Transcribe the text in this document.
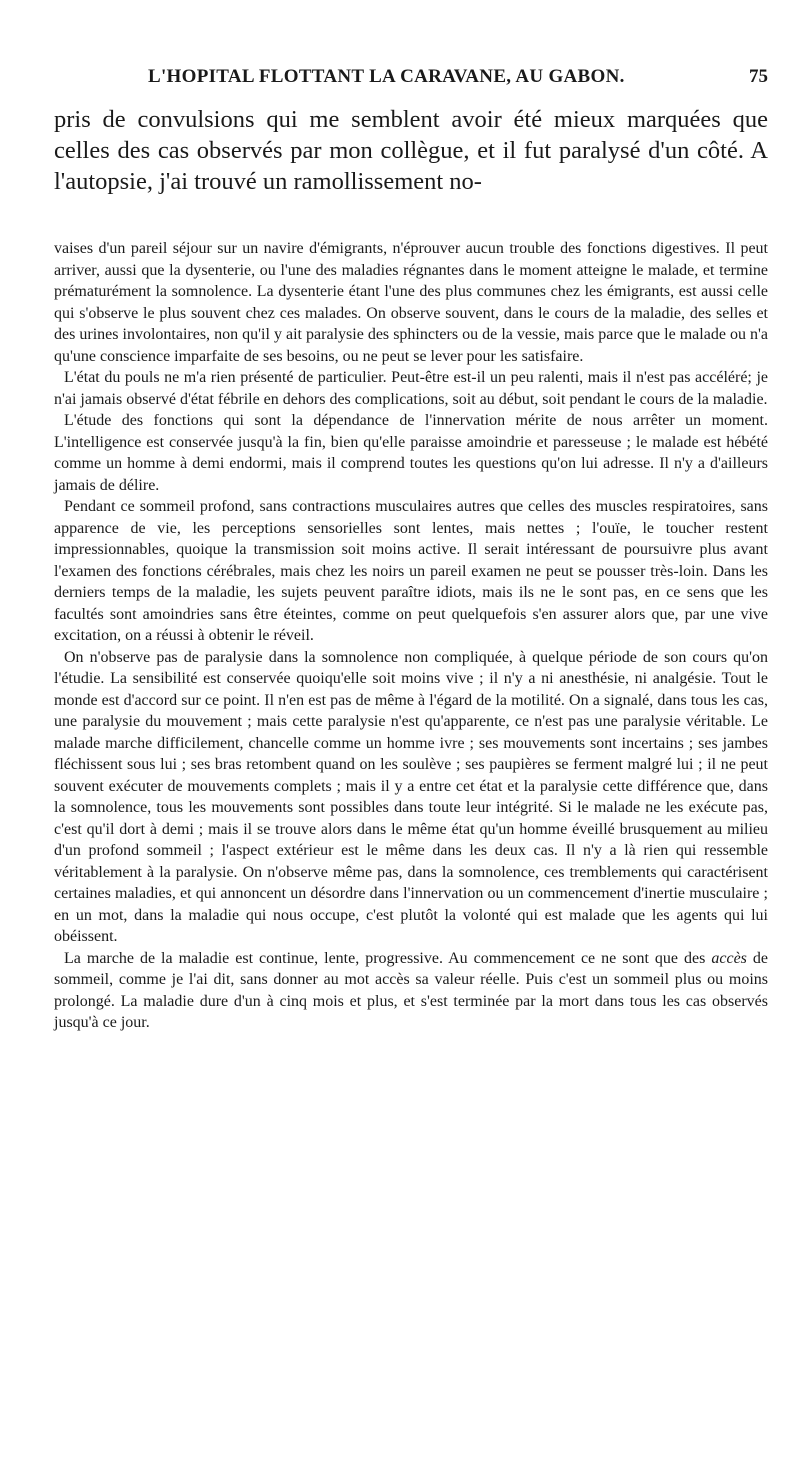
L'HOPITAL FLOTTANT LA CARAVANE, AU GABON.	75

pris de convulsions qui me semblent avoir été mieux marquées que celles des cas observés par mon collègue, et il fut paralysé d'un côté. A l'autopsie, j'ai trouvé un ramollissement no-

vaises d'un pareil séjour sur un navire d'émigrants, n'éprouver aucun trouble des fonctions digestives. Il peut arriver, aussi que la dysenterie, ou l'une des maladies régnantes dans le moment atteigne le malade, et termine prématurément la somnolence. La dysenterie étant l'une des plus communes chez les émigrants, est aussi celle qui s'observe le plus souvent chez ces malades. On observe souvent, dans le cours de la maladie, des selles et des urines involontaires, non qu'il y ait paralysie des sphincters ou de la vessie, mais parce que le malade ou n'a qu'une conscience imparfaite de ses besoins, ou ne peut se lever pour les satisfaire.

L'état du pouls ne m'a rien présenté de particulier. Peut-être est-il un peu ralenti, mais il n'est pas accéléré; je n'ai jamais observé d'état fébrile en dehors des complications, soit au début, soit pendant le cours de la maladie.

L'étude des fonctions qui sont la dépendance de l'innervation mérite de nous arrêter un moment. L'intelligence est conservée jusqu'à la fin, bien qu'elle paraisse amoindrie et paresseuse ; le malade est hébété comme un homme à demi endormi, mais il comprend toutes les questions qu'on lui adresse. Il n'y a d'ailleurs jamais de délire.

Pendant ce sommeil profond, sans contractions musculaires autres que celles des muscles respiratoires, sans apparence de vie, les perceptions sensorielles sont lentes, mais nettes ; l'ouïe, le toucher restent impressionnables, quoique la transmission soit moins active. Il serait intéressant de poursuivre plus avant l'examen des fonctions cérébrales, mais chez les noirs un pareil examen ne peut se pousser très-loin. Dans les derniers temps de la maladie, les sujets peuvent paraître idiots, mais ils ne le sont pas, en ce sens que les facultés sont amoindries sans être éteintes, comme on peut quelquefois s'en assurer alors que, par une vive excitation, on a réussi à obtenir le réveil.

On n'observe pas de paralysie dans la somnolence non compliquée, à quelque période de son cours qu'on l'étudie. La sensibilité est conservée quoiqu'elle soit moins vive ; il n'y a ni anesthésie, ni analgésie. Tout le monde est d'accord sur ce point. Il n'en est pas de même à l'égard de la motilité. On a signalé, dans tous les cas, une paralysie du mouvement ; mais cette paralysie n'est qu'apparente, ce n'est pas une paralysie véritable. Le malade marche difficilement, chancelle comme un homme ivre ; ses mouvements sont incertains ; ses jambes fléchissent sous lui ; ses bras retombent quand on les soulève ; ses paupières se ferment malgré lui ; il ne peut souvent exécuter de mouvements complets ; mais il y a entre cet état et la paralysie cette différence que, dans la somnolence, tous les mouvements sont possibles dans toute leur intégrité. Si le malade ne les exécute pas, c'est qu'il dort à demi ; mais il se trouve alors dans le même état qu'un homme éveillé brusquement au milieu d'un profond sommeil ; l'aspect extérieur est le même dans les deux cas. Il n'y a là rien qui ressemble véritablement à la paralysie. On n'observe même pas, dans la somnolence, ces tremblements qui caractérisent certaines maladies, et qui annoncent un désordre dans l'innervation ou un commencement d'inertie musculaire ; en un mot, dans la maladie qui nous occupe, c'est plutôt la volonté qui est malade que les agents qui lui obéissent.

La marche de la maladie est continue, lente, progressive. Au commencement ce ne sont que des accès de sommeil, comme je l'ai dit, sans donner au mot accès sa valeur réelle. Puis c'est un sommeil plus ou moins prolongé. La maladie dure d'un à cinq mois et plus, et s'est terminée par la mort dans tous les cas observés jusqu'à ce jour.
